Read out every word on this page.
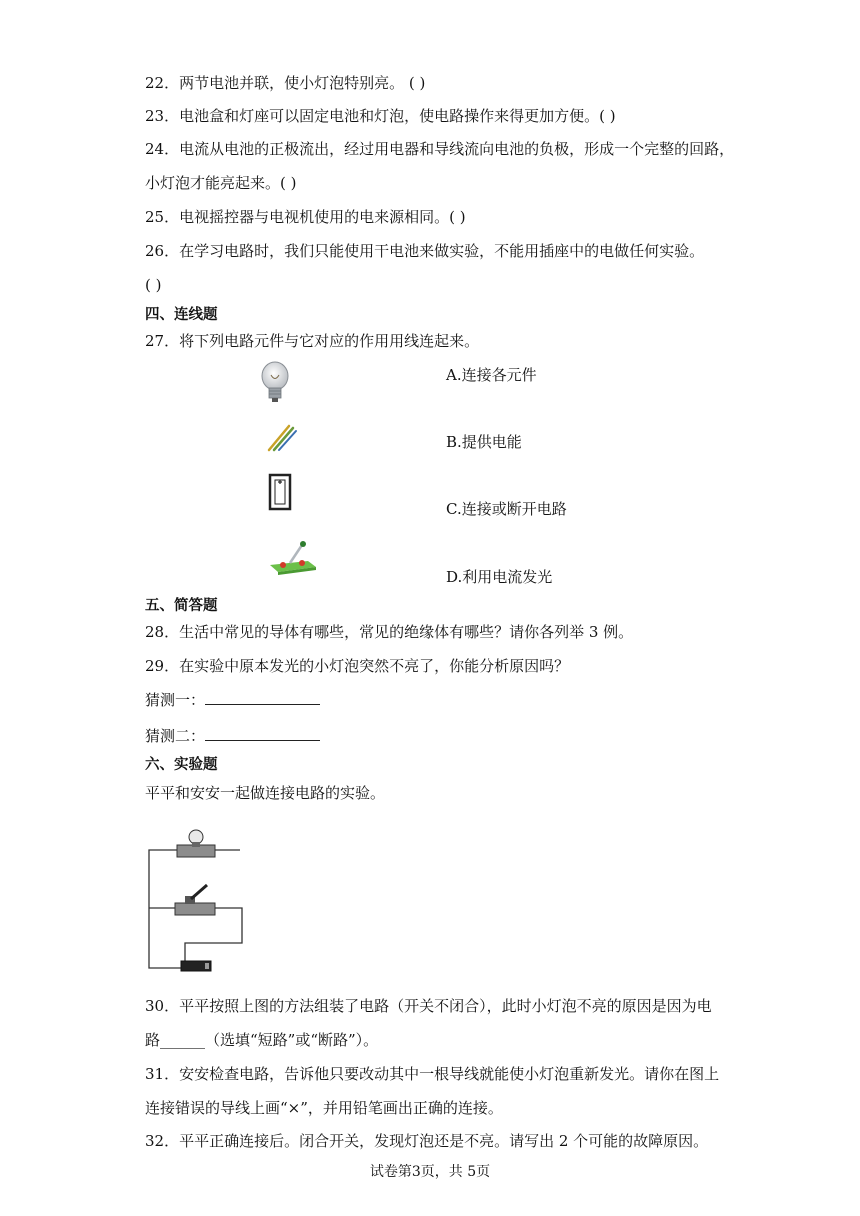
22．两节电池并联，使小灯泡特别亮。 ( )
23．电池盒和灯座可以固定电池和灯泡，使电路操作来得更加方便。( )
24．电流从电池的正极流出，经过用电器和导线流向电池的负极，形成一个完整的回路，
小灯泡才能亮起来。( )
25．电视摇控器与电视机使用的电来源相同。( )
26．在学习电路时，我们只能使用干电池来做实验，不能用插座中的电做任何实验。
( )
四、连线题
27．将下列电路元件与它对应的作用用线连起来。
A.连接各元件
B.提供电能
C.连接或断开电路
D.利用电流发光
五、简答题
28．生活中常见的导体有哪些，常见的绝缘体有哪些？请你各列举 3 例。
29．在实验中原本发光的小灯泡突然不亮了，你能分析原因吗？
猜测一：
猜测二：
六、实验题
平平和安安一起做连接电路的实验。
30．平平按照上图的方法组装了电路（开关不闭合），此时小灯泡不亮的原因是因为电
路______（选填“短路”或“断路”）。
31．安安检查电路，告诉他只要改动其中一根导线就能使小灯泡重新发光。请你在图上
连接错误的导线上画“×”，并用铅笔画出正确的连接。
32．平平正确连接后。闭合开关，发现灯泡还是不亮。请写出 2 个可能的故障原因。
试卷第3页，共 5页
